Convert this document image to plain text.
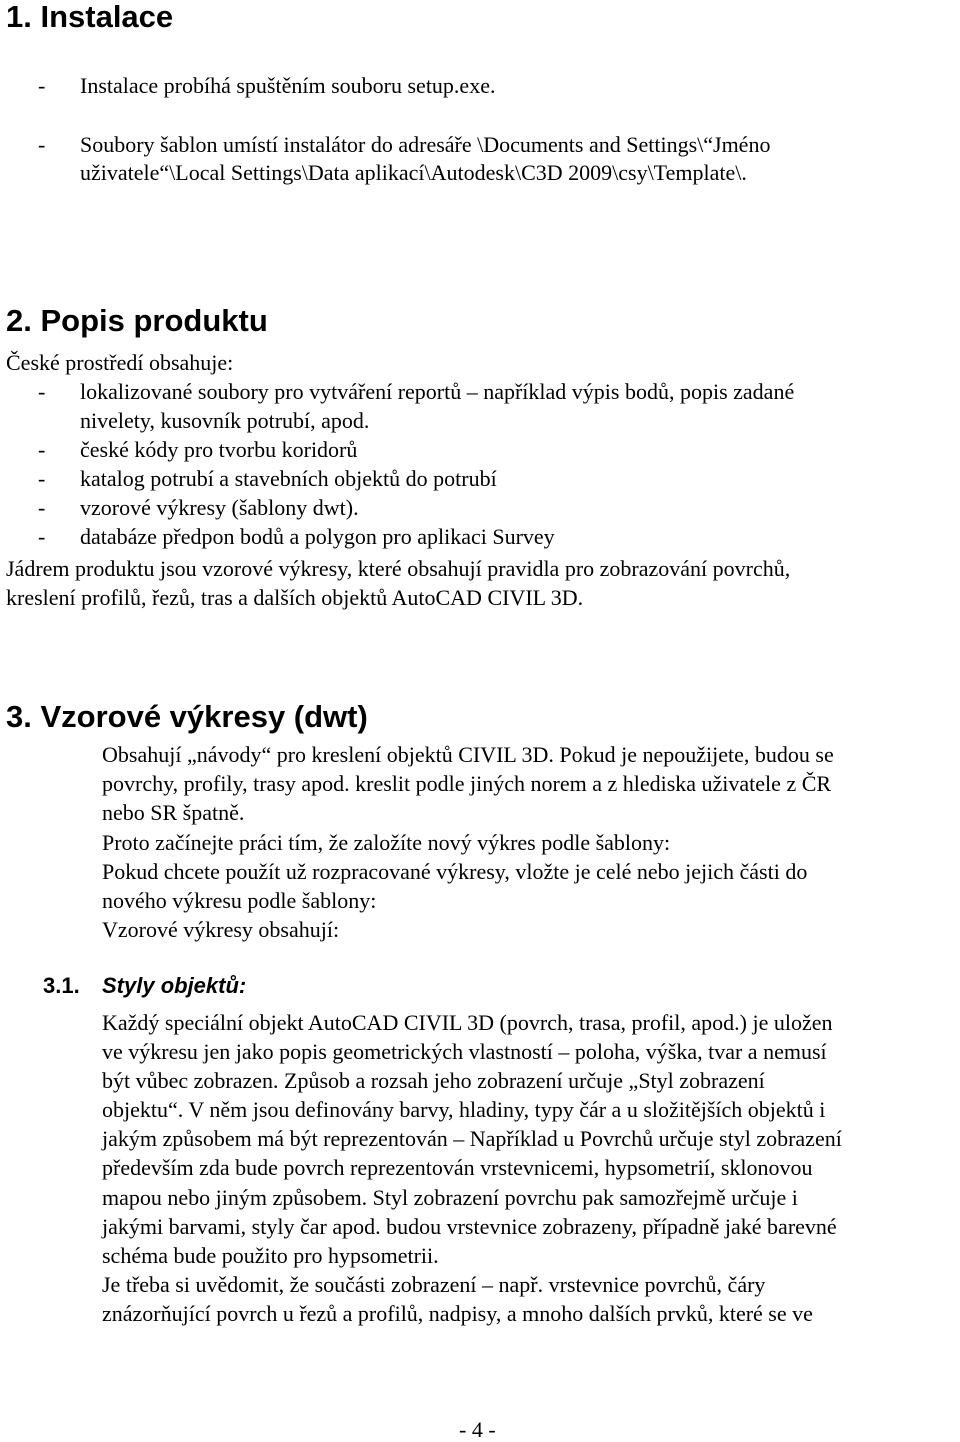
1. Instalace
- Instalace probíhá spuštěním souboru setup.exe.
- Soubory šablon umístí instalátor do adresáře \Documents and Settings\“Jméno
uživatele“\Local Settings\Data aplikací\Autodesk\C3D 2009\csy\Template\.
2. Popis produktu
České prostředí obsahuje:
- lokalizované soubory pro vytváření reportů – například výpis bodů, popis zadané
nivelety, kusovník potrubí, apod.
- české kódy pro tvorbu koridorů
- katalog potrubí a stavebních objektů do potrubí
- vzorové výkresy (šablony dwt).
- databáze předpon bodů a polygon pro aplikaci Survey
Jádrem produktu jsou vzorové výkresy, které obsahují pravidla pro zobrazování povrchů,
kreslení profilů, řezů, tras a dalších objektů AutoCAD CIVIL 3D.
3. Vzorové výkresy (dwt)
Obsahují „návody“ pro kreslení objektů CIVIL 3D. Pokud je nepoužijete, budou se
povrchy, profily, trasy apod. kreslit podle jiných norem a z hlediska uživatele z ČR
nebo SR špatně.
Proto začínejte práci tím, že založíte nový výkres podle šablony:
Pokud chcete použít už rozpracované výkresy, vložte je celé nebo jejich části do
nového výkresu podle šablony:
Vzorové výkresy obsahují:
3.1. Styly objektů:
Každý speciální objekt AutoCAD CIVIL 3D (povrch, trasa, profil, apod.) je uložen
ve výkresu jen jako popis geometrických vlastností – poloha, výška, tvar a nemusí
být vůbec zobrazen. Způsob a rozsah jeho zobrazení určuje „Styl zobrazení
objektu“. V něm jsou definovány barvy, hladiny, typy čár a u složitějších objektů i
jakým způsobem má být reprezentován – Například u Povrchů určuje styl zobrazení
především zda bude povrch reprezentován vrstevnicemi, hypsometrií, sklonovou
mapou nebo jiným způsobem. Styl zobrazení povrchu pak samozřejmě určuje i
jakými barvami, styly čar apod. budou vrstevnice zobrazeny, případně jaké barevné
schéma bude použito pro hypsometrii.
Je třeba si uvědomit, že součásti zobrazení – např. vrstevnice povrchů, čáry
znázorňující povrch u řezů a profilů, nadpisy, a mnoho dalších prvků, které se ve
- 4 -
